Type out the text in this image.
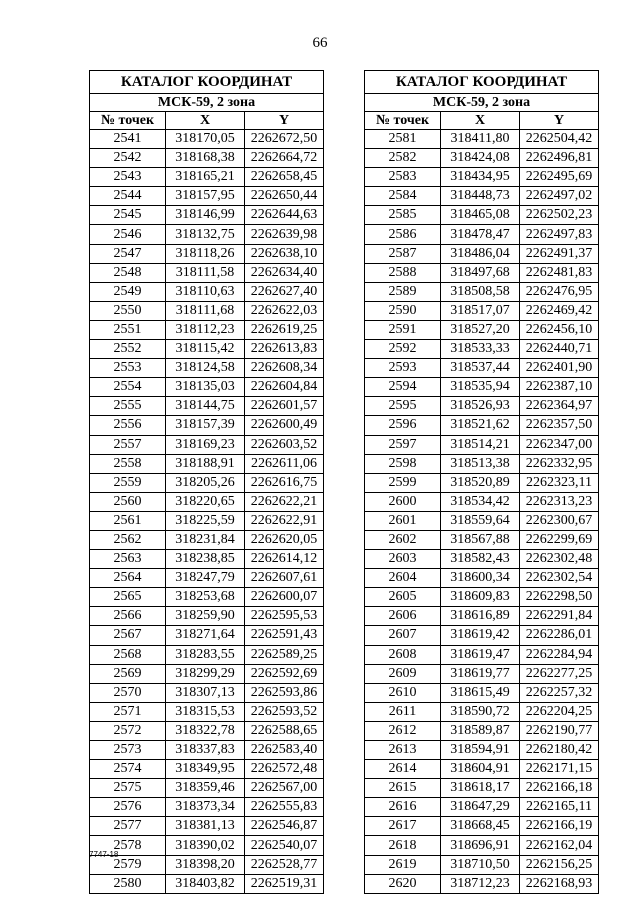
66
КАТАЛОГ КООРДИНАТ		
МСК-59, 2 зона		
№ точек	X	Y
2541	318170,05	2262672,50
2542	318168,38	2262664,72
2543	318165,21	2262658,45
2544	318157,95	2262650,44
2545	318146,99	2262644,63
2546	318132,75	2262639,98
2547	318118,26	2262638,10
2548	318111,58	2262634,40
2549	318110,63	2262627,40
2550	318111,68	2262622,03
2551	318112,23	2262619,25
2552	318115,42	2262613,83
2553	318124,58	2262608,34
2554	318135,03	2262604,84
2555	318144,75	2262601,57
2556	318157,39	2262600,49
2557	318169,23	2262603,52
2558	318188,91	2262611,06
2559	318205,26	2262616,75
2560	318220,65	2262622,21
2561	318225,59	2262622,91
2562	318231,84	2262620,05
2563	318238,85	2262614,12
2564	318247,79	2262607,61
2565	318253,68	2262600,07
2566	318259,90	2262595,53
2567	318271,64	2262591,43
2568	318283,55	2262589,25
2569	318299,29	2262592,69
2570	318307,13	2262593,86
2571	318315,53	2262593,52
2572	318322,78	2262588,65
2573	318337,83	2262583,40
2574	318349,95	2262572,48
2575	318359,46	2262567,00
2576	318373,34	2262555,83
2577	318381,13	2262546,87
2578	318390,02	2262540,07
2579	318398,20	2262528,77
2580	318403,82	2262519,31
КАТАЛОГ КООРДИНАТ		
МСК-59, 2 зона		
№ точек	X	Y
2581	318411,80	2262504,42
2582	318424,08	2262496,81
2583	318434,95	2262495,69
2584	318448,73	2262497,02
2585	318465,08	2262502,23
2586	318478,47	2262497,83
2587	318486,04	2262491,37
2588	318497,68	2262481,83
2589	318508,58	2262476,95
2590	318517,07	2262469,42
2591	318527,20	2262456,10
2592	318533,33	2262440,71
2593	318537,44	2262401,90
2594	318535,94	2262387,10
2595	318526,93	2262364,97
2596	318521,62	2262357,50
2597	318514,21	2262347,00
2598	318513,38	2262332,95
2599	318520,89	2262323,11
2600	318534,42	2262313,23
2601	318559,64	2262300,67
2602	318567,88	2262299,69
2603	318582,43	2262302,48
2604	318600,34	2262302,54
2605	318609,83	2262298,50
2606	318616,89	2262291,84
2607	318619,42	2262286,01
2608	318619,47	2262284,94
2609	318619,77	2262277,25
2610	318615,49	2262257,32
2611	318590,72	2262204,25
2612	318589,87	2262190,77
2613	318594,91	2262180,42
2614	318604,91	2262171,15
2615	318618,17	2262166,18
2616	318647,29	2262165,11
2617	318668,45	2262166,19
2618	318696,91	2262162,04
2619	318710,50	2262156,25
2620	318712,23	2262168,93
7747-18
